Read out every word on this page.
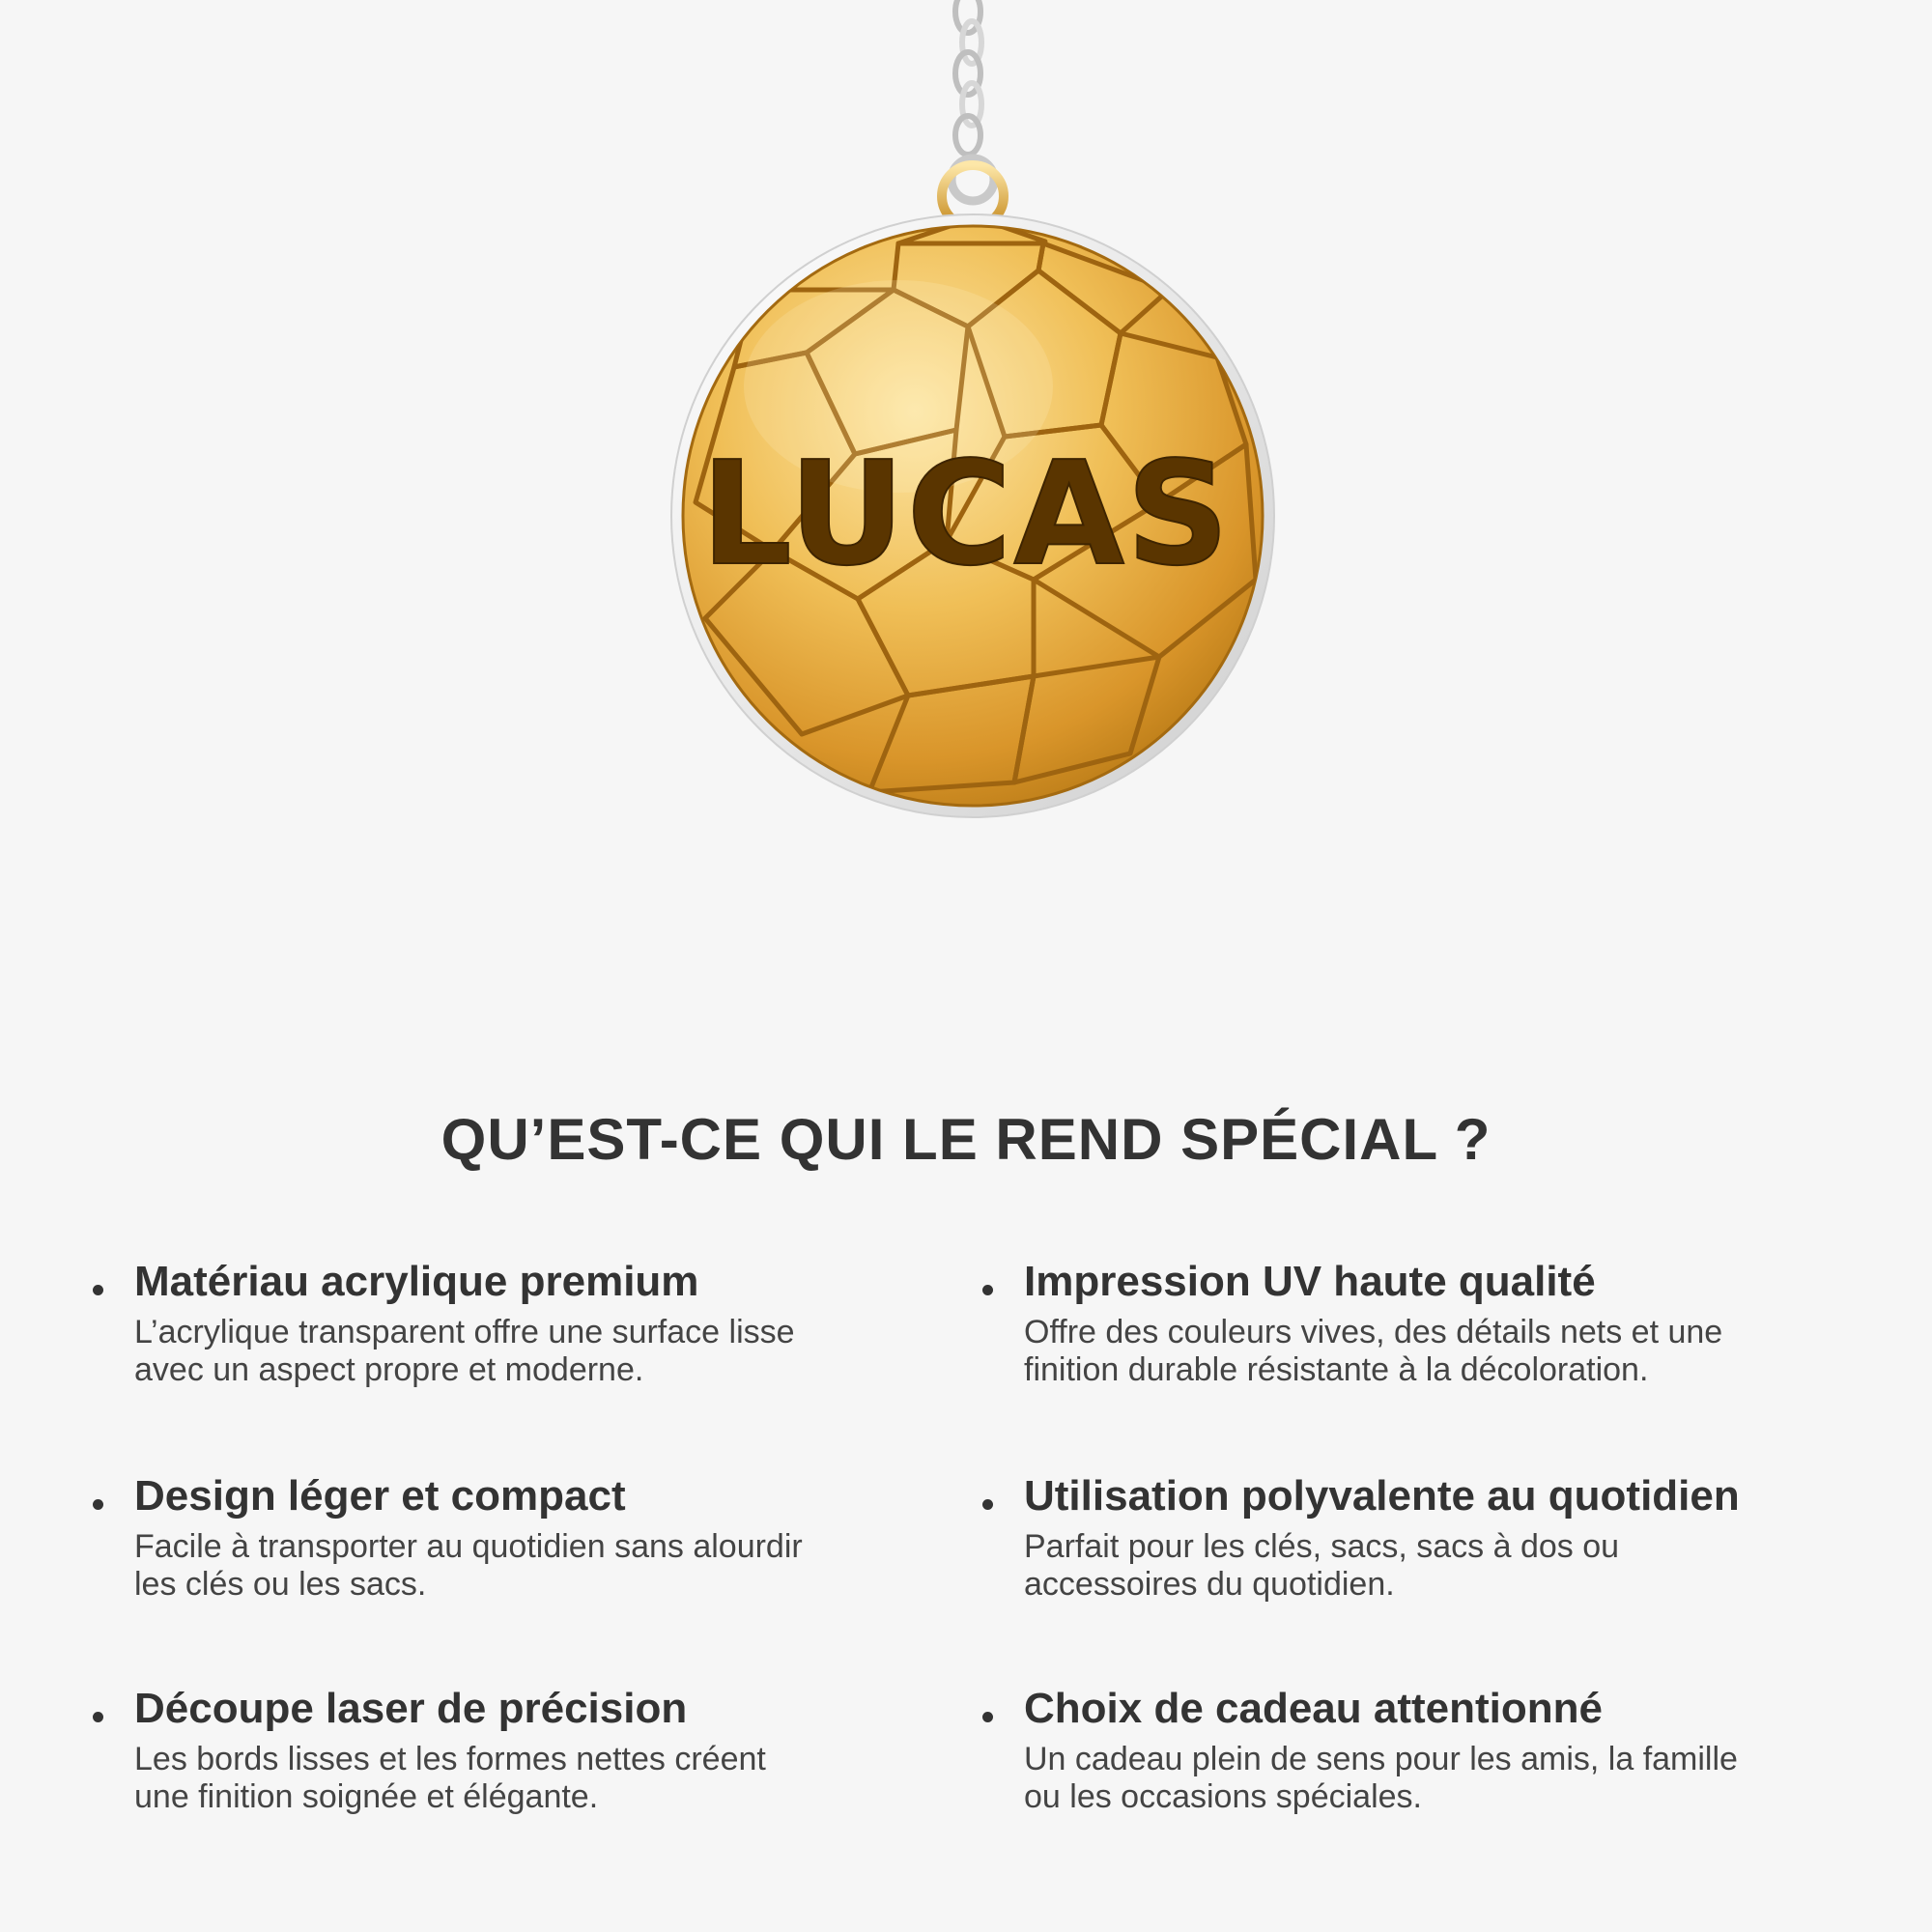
LUCAS
QU’EST-CE QUI LE REND SPÉCIAL ?

Matériau acrylique premium

L’acrylique transparent offre une surface lisse
avec un aspect propre et moderne.

Impression UV haute qualité

Offre des couleurs vives, des détails nets et une
finition durable résistante à la décoloration.

Design léger et compact

Facile à transporter au quotidien sans alourdir
les clés ou les sacs.

Utilisation polyvalente au quotidien

Parfait pour les clés, sacs, sacs à dos ou
accessoires du quotidien.

Découpe laser de précision

Les bords lisses et les formes nettes créent
une finition soignée et élégante.

Choix de cadeau attentionné

Un cadeau plein de sens pour les amis, la famille
ou les occasions spéciales.
